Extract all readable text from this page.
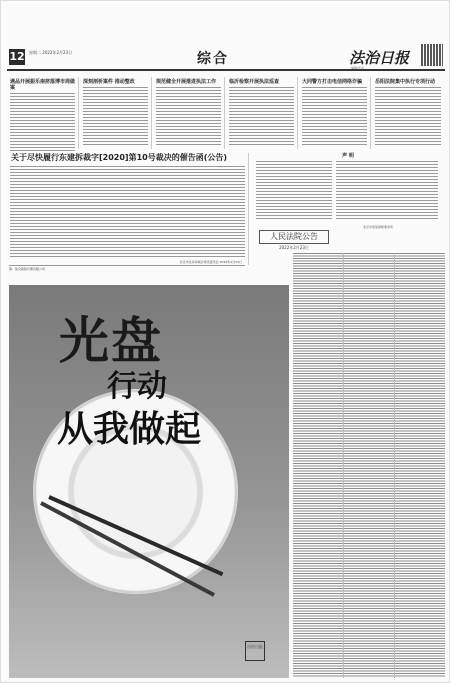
12 星期二 2022年2月23日	综合	法治日报
编辑/张冰
遇品开展振乐南挤落博市周做案
深刻剖析案件 推动整改	规范健全开展推进执法工作	临沂检察开展执法巡查	大同警方打击电信网络诈骗	岳阳法院集中执行专项行动
关于尽快履行东建拆裁字[2020]第10号裁决的催告函(公告)
北京市住房和城乡建设委员会 2022年2月23日
第：集众保险代理有限公司
声 明
人民法院公告
2022年2月23日
北京市某某律师事务所
光盘
行动
从我做起
法治日报
